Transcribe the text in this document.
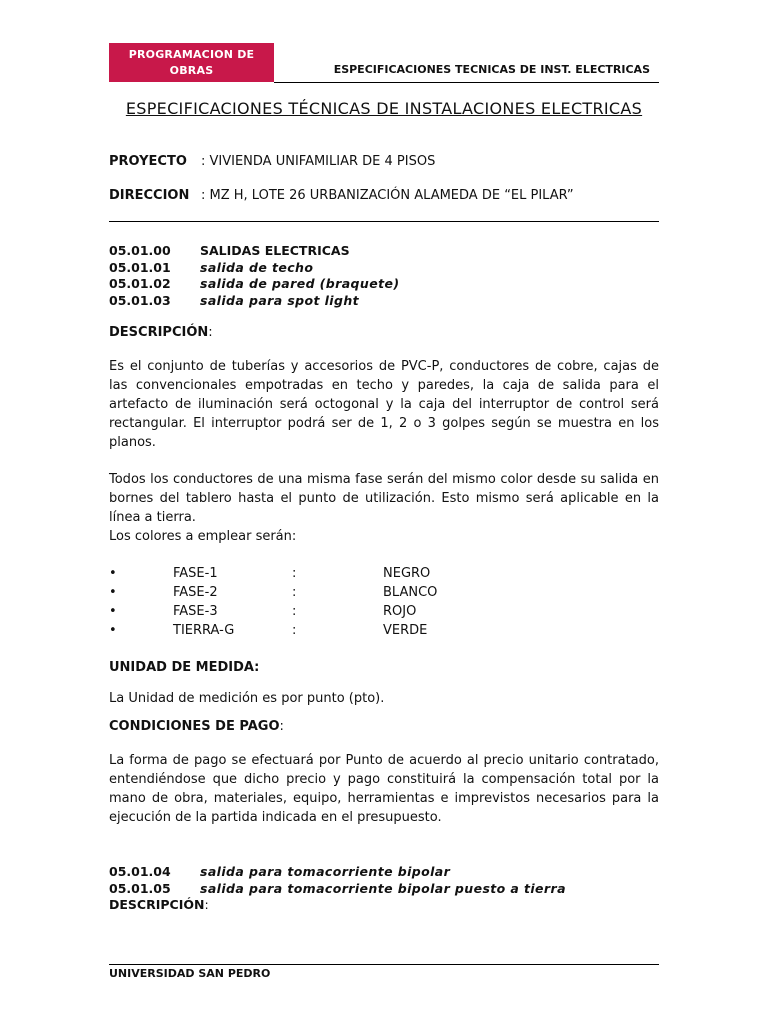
PROGRAMACION DE
OBRAS	ESPECIFICACIONES TECNICAS DE INST. ELECTRICAS
ESPECIFICACIONES TÉCNICAS DE INSTALACIONES ELECTRICAS
PROYECTO : VIVIENDA UNIFAMILIAR DE 4 PISOS
DIRECCION : MZ H, LOTE 26 URBANIZACIÓN ALAMEDA DE “EL PILAR”
05.01.00 SALIDAS ELECTRICAS
05.01.01 salida de techo
05.01.02 salida de pared (braquete)
05.01.03 salida para spot light
DESCRIPCIÓN:
Es el conjunto de tuberías y accesorios de PVC-P, conductores de cobre, cajas de las convencionales empotradas en techo y paredes, la caja de salida para el artefacto de iluminación será octogonal y la caja del interruptor de control será rectangular. El interruptor podrá ser de 1, 2 o 3 golpes según se muestra en los planos.
Todos los conductores de una misma fase serán del mismo color desde su salida en bornes del tablero hasta el punto de utilización. Esto mismo será aplicable en la línea a tierra.
Los colores a emplear serán:
•	FASE-1	:	NEGRO
•	FASE-2	:	BLANCO
•	FASE-3	:	ROJO
•	TIERRA-G	:	VERDE
UNIDAD DE MEDIDA:
La Unidad de medición es por punto (pto).
CONDICIONES DE PAGO:
La forma de pago se efectuará por Punto de acuerdo al precio unitario contratado, entendiéndose que dicho precio y pago constituirá la compensación total por la mano de obra, materiales, equipo, herramientas e imprevistos necesarios para la ejecución de la partida indicada en el presupuesto.
05.01.04 salida para tomacorriente bipolar
05.01.05 salida para tomacorriente bipolar puesto a tierra
DESCRIPCIÓN:
UNIVERSIDAD SAN PEDRO
